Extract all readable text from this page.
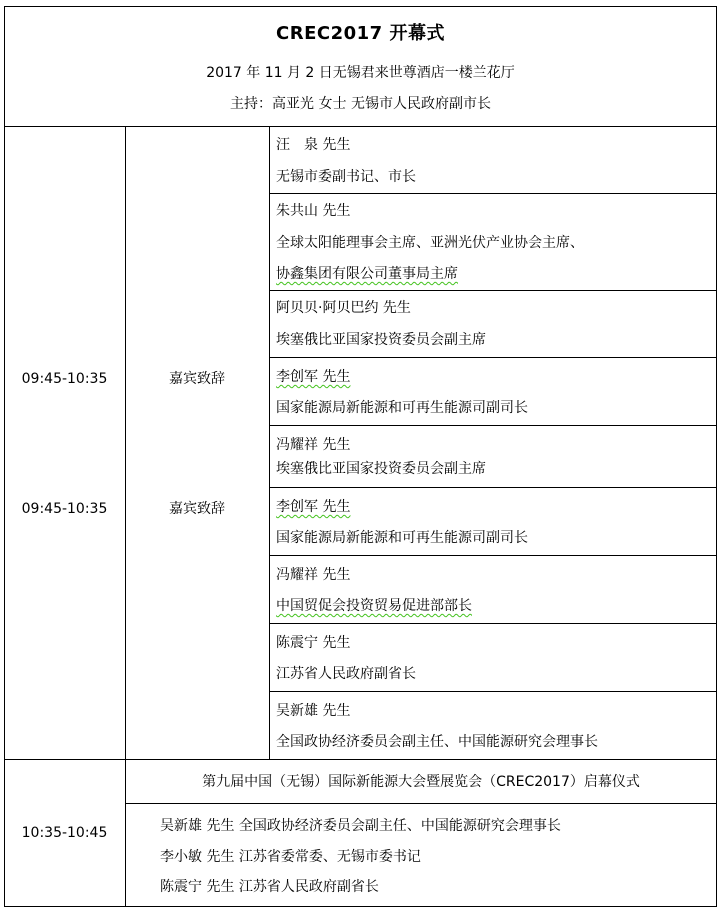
CREC2017 开幕式
2017 年 11 月 2 日无锡君来世尊酒店一楼兰花厅
主持：高亚光 女士 无锡市人民政府副市长
09:45-10:35	嘉宾致辞
09:45-10:35	嘉宾致辞
汪　泉 先生
无锡市委副书记、市长
朱共山 先生
全球太阳能理事会主席、亚洲光伏产业协会主席、
协鑫集团有限公司董事局主席
阿贝贝·阿贝巴约 先生
埃塞俄比亚国家投资委员会副主席
李创军 先生
国家能源局新能源和可再生能源司副司长
冯耀祥 先生
埃塞俄比亚国家投资委员会副主席
李创军 先生
国家能源局新能源和可再生能源司副司长
冯耀祥 先生
中国贸促会投资贸易促进部部长
陈震宁 先生
江苏省人民政府副省长
吴新雄 先生
全国政协经济委员会副主任、中国能源研究会理事长
10:35-10:45
第九届中国（无锡）国际新能源大会暨展览会（CREC2017）启幕仪式
吴新雄 先生 全国政协经济委员会副主任、中国能源研究会理事长
李小敏 先生 江苏省委常委、无锡市委书记
陈震宁 先生 江苏省人民政府副省长
